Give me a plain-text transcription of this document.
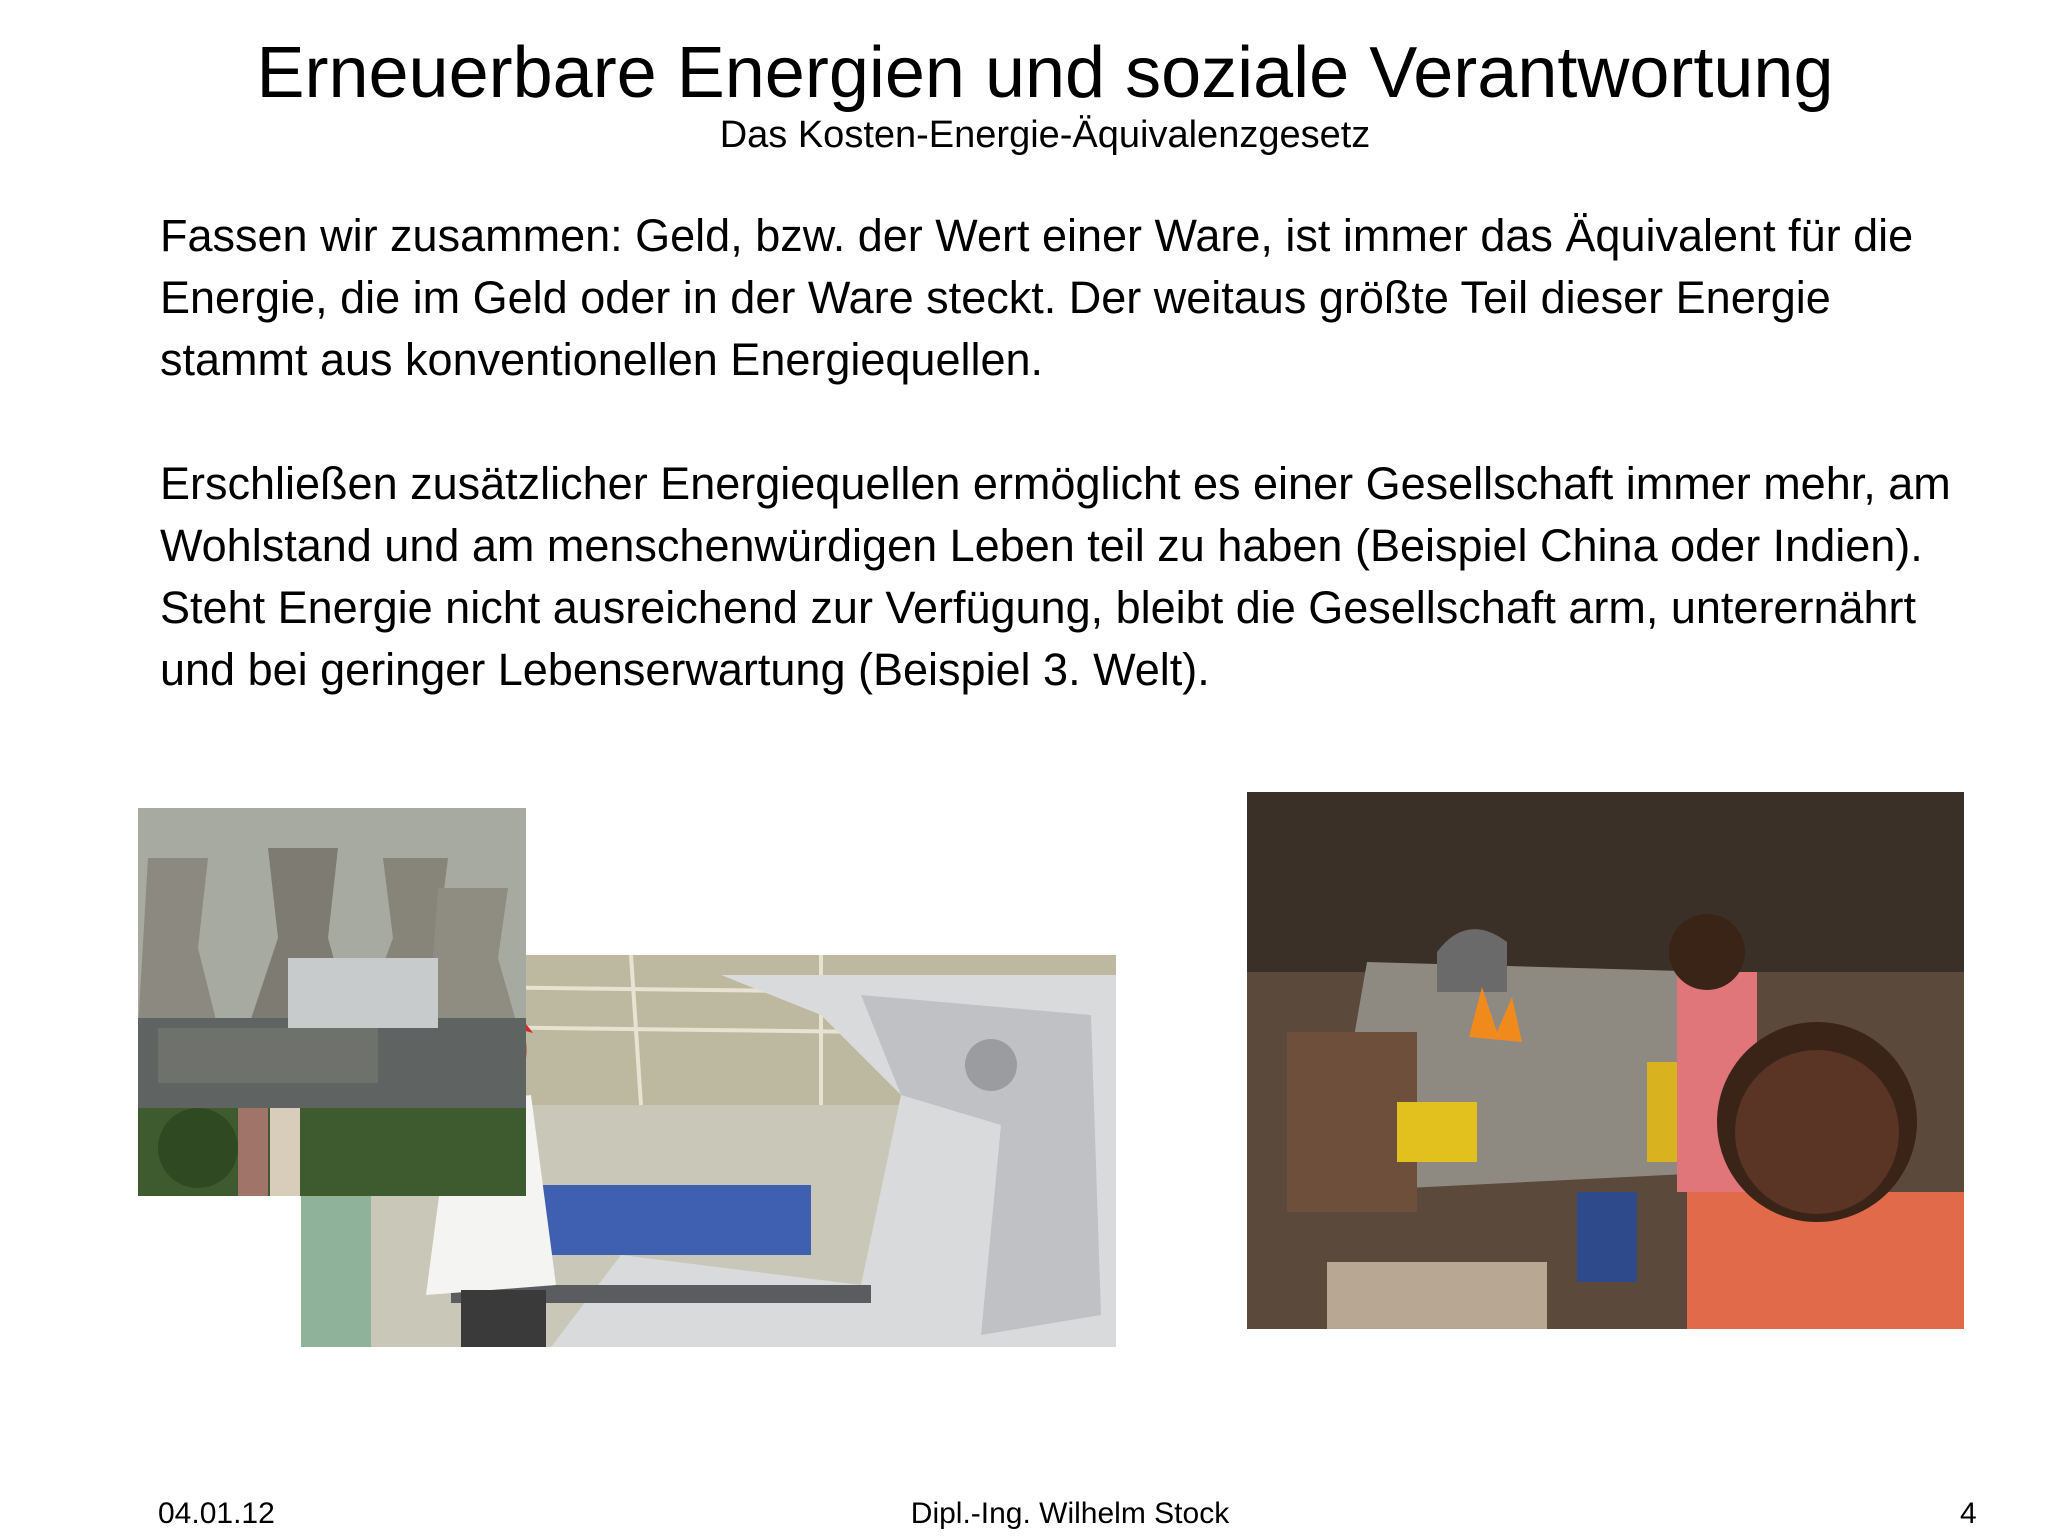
Erneuerbare Energien und soziale Verantwortung
Das Kosten-Energie-Äquivalenzgesetz

Fassen wir zusammen: Geld, bzw. der Wert einer Ware, ist immer das Äquivalent für die Energie, die im Geld oder in der Ware steckt. Der weitaus größte Teil dieser Energie stammt aus konventionellen Energiequellen.

Erschließen zusätzlicher Energiequellen ermöglicht es einer Gesellschaft immer mehr, am Wohlstand und am menschenwürdigen Leben teil zu haben (Beispiel China oder Indien). Steht Energie nicht ausreichend zur Verfügung, bleibt die Gesellschaft arm, unterernährt und bei geringer Lebenserwartung (Beispiel 3. Welt).

04.01.12	Dipl.-Ing. Wilhelm Stock	4
